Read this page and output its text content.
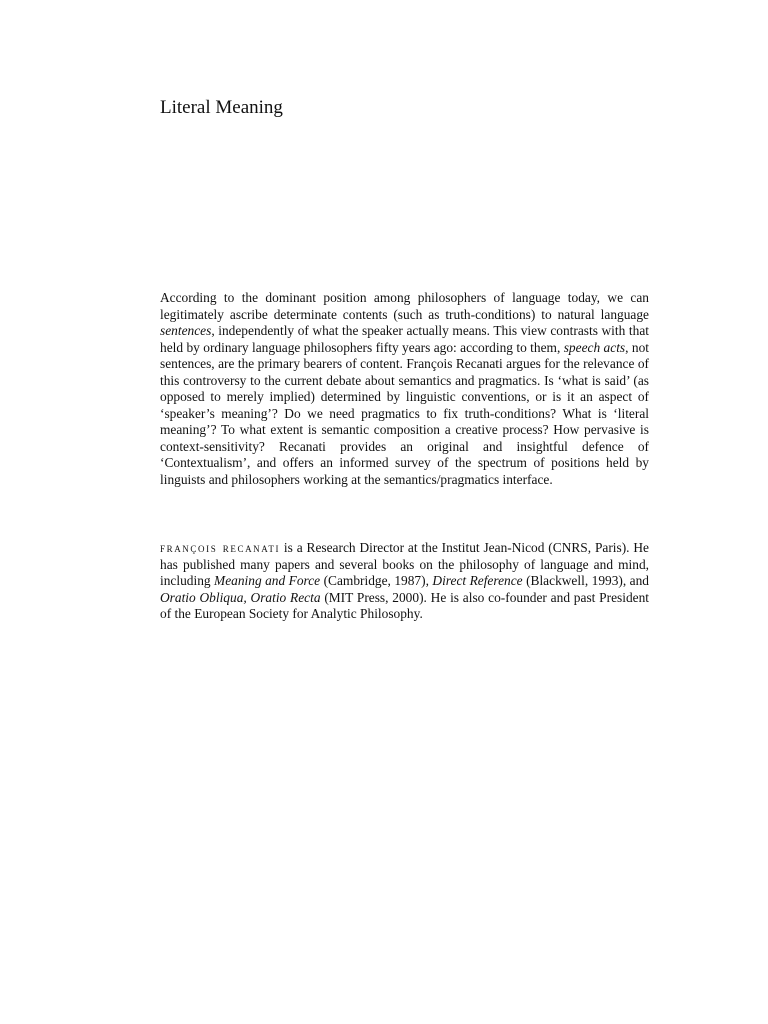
Literal Meaning

According to the dominant position among philosophers of language today, we can legitimately ascribe determinate contents (such as truth-conditions) to natural language sentences, independently of what the speaker actually means. This view contrasts with that held by ordinary language philosophers fifty years ago: according to them, speech acts, not sentences, are the primary bearers of content. François Recanati argues for the relevance of this controversy to the current debate about semantics and pragmatics. Is ‘what is said’ (as opposed to merely implied) determined by linguistic conventions, or is it an aspect of ‘speaker’s meaning’? Do we need pragmatics to fix truth-conditions? What is ‘literal meaning’? To what extent is semantic composition a creative process? How pervasive is context-sensitivity? Recanati provides an original and insightful defence of ‘Contextualism’, and offers an informed survey of the spectrum of positions held by linguists and philosophers working at the semantics/pragmatics interface.

françois recanati is a Research Director at the Institut Jean-Nicod (CNRS, Paris). He has published many papers and several books on the philosophy of language and mind, including Meaning and Force (Cambridge, 1987), Direct Reference (Blackwell, 1993), and Oratio Obliqua, Oratio Recta (MIT Press, 2000). He is also co-founder and past President of the European Society for Analytic Philosophy.
